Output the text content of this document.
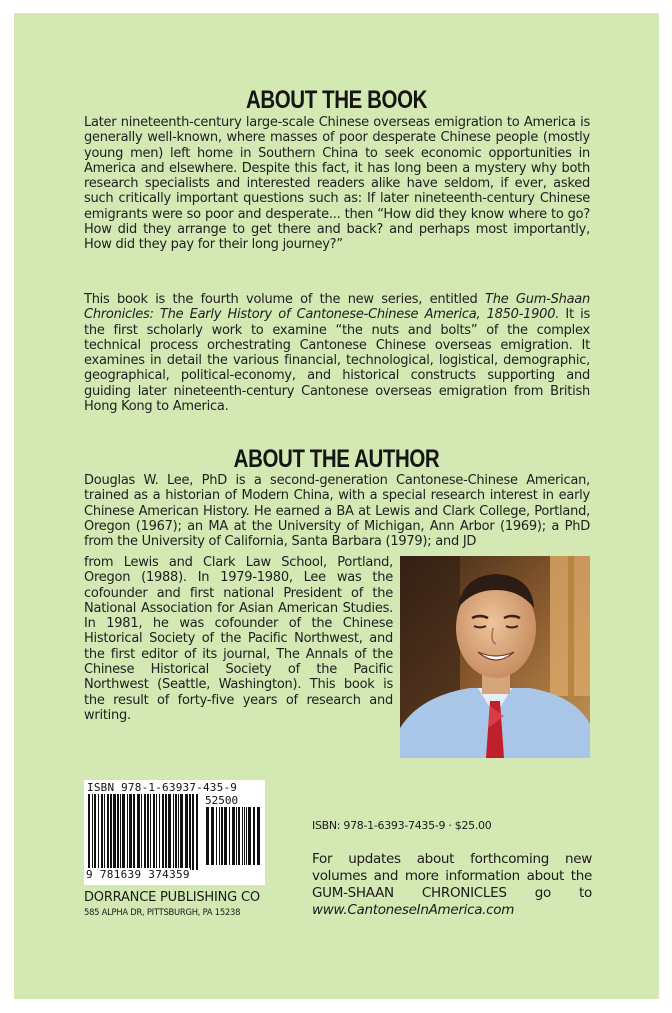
ABOUT THE BOOK

Later nineteenth-century large-scale Chinese overseas emigration to America is generally well-known, where masses of poor desperate Chinese people (mostly young men) left home in Southern China to seek economic opportunities in America and elsewhere. Despite this fact, it has long been a mystery why both research specialists and interested readers alike have seldom, if ever, asked such critically important questions such as: If later nineteenth-century Chinese emigrants were so poor and desperate... then “How did they know where to go? How did they arrange to get there and back? and perhaps most importantly, How did they pay for their long journey?”

This book is the fourth volume of the new series, entitled The Gum-Shaan Chronicles: The Early History of Cantonese-Chinese America, 1850-1900. It is the first scholarly work to examine “the nuts and bolts” of the complex technical process orchestrating Cantonese Chinese overseas emigration. It examines in detail the various financial, technological, logistical, demographic, geographical, political-economy, and historical constructs supporting and guiding later nineteenth-century Cantonese overseas emigration from British Hong Kong to America.

ABOUT THE AUTHOR

Douglas W. Lee, PhD is a second-generation Cantonese-Chinese American, trained as a historian of Modern China, with a special research interest in early Chinese American History. He earned a BA at Lewis and Clark College, Portland, Oregon (1967); an MA at the University of Michigan, Ann Arbor (1969); a PhD from the University of California, Santa Barbara (1979); and JD

from Lewis and Clark Law School, Portland, Oregon (1988). In 1979-1980, Lee was the cofounder and first national President of the National Association for Asian American Studies. In 1981, he was cofounder of the Chinese Historical Society of the Pacific Northwest, and the first editor of its journal, The Annals of the Chinese Historical Society of the Pacific Northwest (Seattle, Washington). This book is the result of forty-five years of research and writing.

ISBN 978-1-63937-435-9
52500
9 781639 374359
DORRANCE PUBLISHING CO
585 ALPHA DR, PITTSBURGH, PA 15238
ISBN: 978-1-6393-7435-9 · $25.00

For updates about forthcoming new volumes and more information about the GUM-SHAAN CHRONICLES go to www.CantoneseInAmerica.com
